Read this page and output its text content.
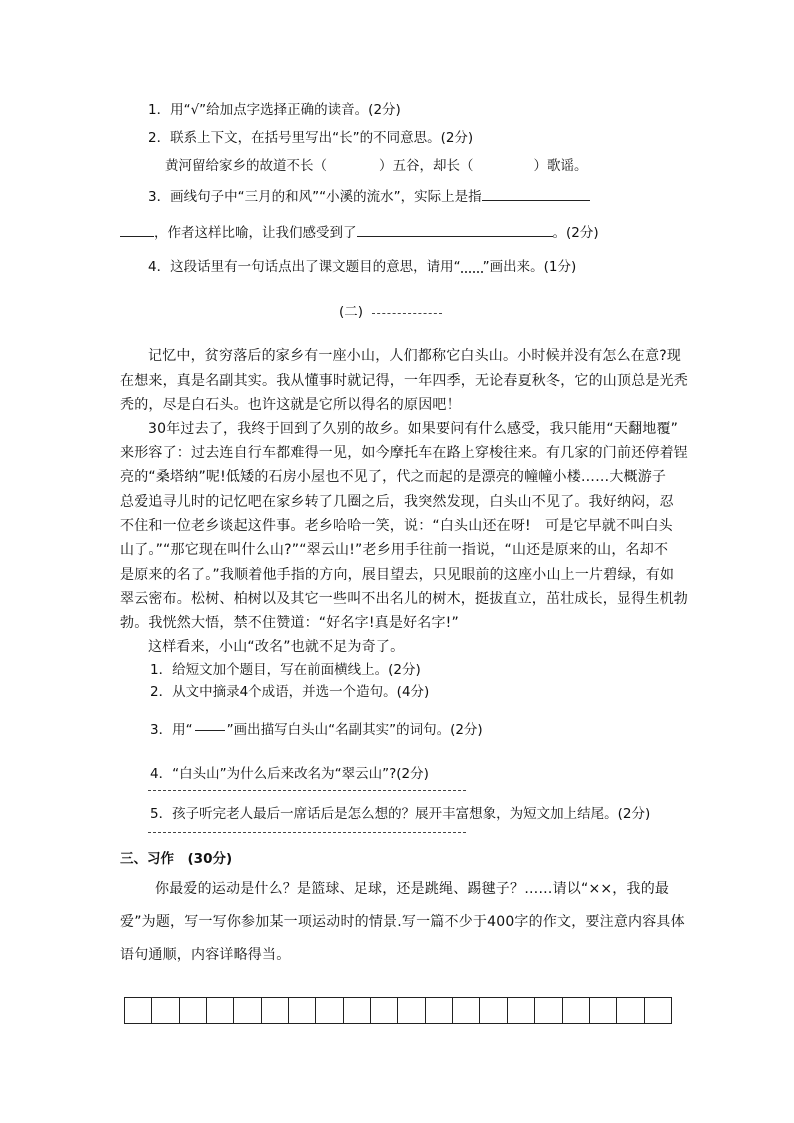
1．用“√”给加点字选择正确的读音。(2分)
2．联系上下文，在括号里写出“长”的不同意思。(2分)
黄河留给家乡的故道不长（	）五谷，却长（	）歌谣。
3．画线句子中“三月的和风”“小溪的流水”，实际上是指
，作者这样比喻，让我们感受到了	。(2分)
4．这段话里有一句话点出了课文题目的意思，请用“ ”画出来。(1分)
(二)
记忆中，贫穷落后的家乡有一座小山，人们都称它白头山。小时候并没有怎么在意?现
在想来，真是名副其实。我从懂事时就记得，一年四季，无论春夏秋冬，它的山顶总是光秃
秃的，尽是白石头。也许这就是它所以得名的原因吧！
30年过去了，我终于回到了久别的故乡。如果要问有什么感受，我只能用“天翻地覆”
来形容了：过去连自行车都难得一见，如今摩托车在路上穿梭往来。有几家的门前还停着锃
亮的“桑塔纳”呢!低矮的石房小屋也不见了，代之而起的是漂亮的幢幢小楼……大概游子
总爱追寻儿时的记忆吧在家乡转了几圈之后，我突然发现，白头山不见了。我好纳闷，忍
不住和一位老乡谈起这件事。老乡哈哈一笑，说：“白头山还在呀!　可是它早就不叫白头
山了。”“那它现在叫什么山?”“翠云山!”老乡用手往前一指说，“山还是原来的山，名却不
是原来的名了。”我顺着他手指的方向，展目望去，只见眼前的这座小山上一片碧绿，有如
翠云密布。松树、柏树以及其它一些叫不出名儿的树木，挺拔直立，茁壮成长，显得生机勃
勃。我恍然大悟，禁不住赞道：“好名字!真是好名字!”
这样看来，小山“改名”也就不足为奇了。
1．给短文加个题目，写在前面横线上。(2分)
2．从文中摘录4个成语，并选一个造句。(4分)
3．用“	”画出描写白头山“名副其实”的词句。(2分)
4．“白头山”为什么后来改名为“翠云山”?(2分)
5．孩子听完老人最后一席话后是怎么想的？展开丰富想象，为短文加上结尾。(2分)
三、习作　(30分)
你最爱的运动是什么？是篮球、足球，还是跳绳、踢毽子？……请以“××，我的最
爱”为题，写一写你参加某一项运动时的情景.写一篇不少于400字的作文，要注意内容具体
语句通顺，内容详略得当。
